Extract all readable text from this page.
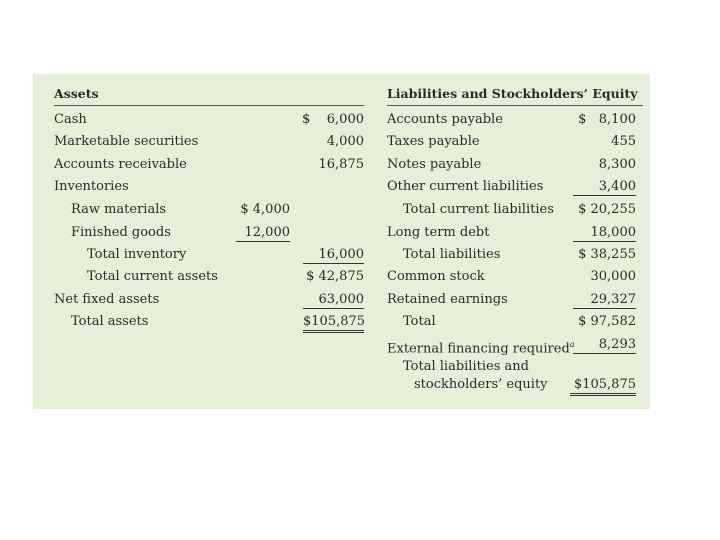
Assets	Liabilities and Stockholders’ Equity
Cash
Marketable securities
Accounts receivable
Inventories
Raw materials
Finished goods
Total inventory
Total current assets
Net fixed assets
Total assets
$ 4,000
12,000
$    6,000
4,000
16,875
16,000
$ 42,875
63,000
$105,875
Accounts payable
Taxes payable
Notes payable
Other current liabilities
Total current liabilities
Long term debt
Total liabilities
Common stock
Retained earnings
Total
External financing required$^a$
Total liabilities and
stockholders’ equity
$   8,100
455
8,300
3,400
$ 20,255
18,000
$ 38,255
30,000
29,327
$ 97,582
8,293
$105,875
